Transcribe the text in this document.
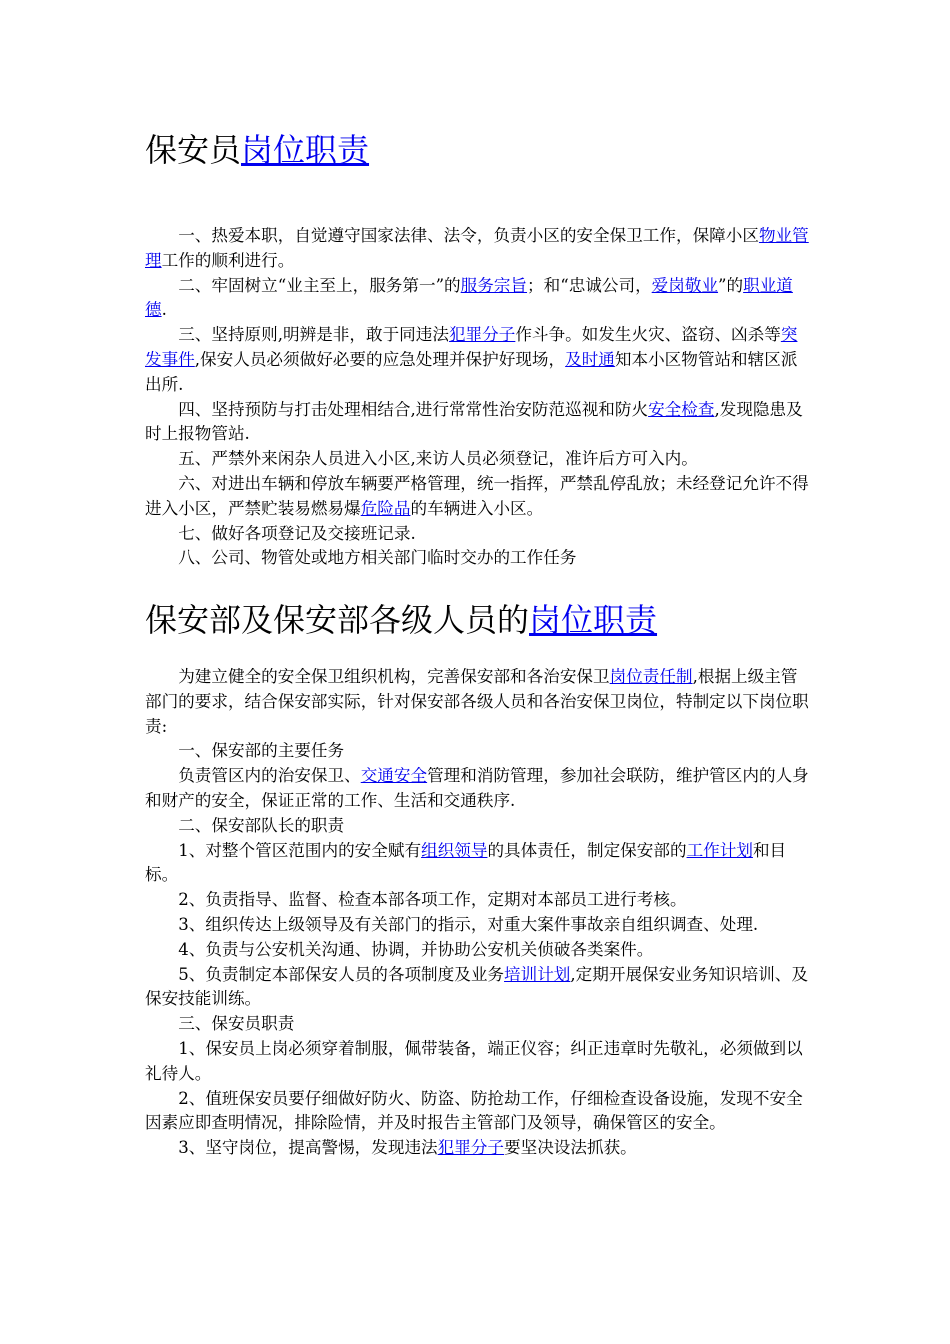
保安员岗位职责

一、热爱本职，自觉遵守国家法律、法令，负责小区的安全保卫工作，保障小区物业管理工作的顺利进行。

二、牢固树立“业主至上，服务第一”的服务宗旨；和“忠诚公司，爱岗敬业”的职业道德.

三、坚持原则,明辨是非，敢于同违法犯罪分子作斗争。如发生火灾、盗窃、凶杀等突发事件,保安人员必须做好必要的应急处理并保护好现场，及时通知本小区物管站和辖区派出所.

四、坚持预防与打击处理相结合,进行常常性治安防范巡视和防火安全检查,发现隐患及时上报物管站.

五、严禁外来闲杂人员进入小区,来访人员必须登记，准许后方可入内。

六、对进出车辆和停放车辆要严格管理，统一指挥，严禁乱停乱放；未经登记允许不得进入小区，严禁贮装易燃易爆危险品的车辆进入小区。

七、做好各项登记及交接班记录.

八、公司、物管处或地方相关部门临时交办的工作任务

保安部及保安部各级人员的岗位职责

为建立健全的安全保卫组织机构，完善保安部和各治安保卫岗位责任制,根据上级主管部门的要求，结合保安部实际，针对保安部各级人员和各治安保卫岗位，特制定以下岗位职责:

一、保安部的主要任务

负责管区内的治安保卫、交通安全管理和消防管理，参加社会联防，维护管区内的人身和财产的安全，保证正常的工作、生活和交通秩序.

二、保安部队长的职责

1、对整个管区范围内的安全赋有组织领导的具体责任，制定保安部的工作计划和目标。

2、负责指导、监督、检查本部各项工作，定期对本部员工进行考核。

3、组织传达上级领导及有关部门的指示，对重大案件事故亲自组织调查、处理.

4、负责与公安机关沟通、协调，并协助公安机关侦破各类案件。

5、负责制定本部保安人员的各项制度及业务培训计划,定期开展保安业务知识培训、及保安技能训练。

三、保安员职责

1、保安员上岗必须穿着制服，佩带装备，端正仪容；纠正违章时先敬礼，必须做到以礼待人。

2、值班保安员要仔细做好防火、防盗、防抢劫工作，仔细检查设备设施，发现不安全因素应即查明情况，排除险情，并及时报告主管部门及领导，确保管区的安全。

3、坚守岗位，提高警惕，发现违法犯罪分子要坚决设法抓获。
